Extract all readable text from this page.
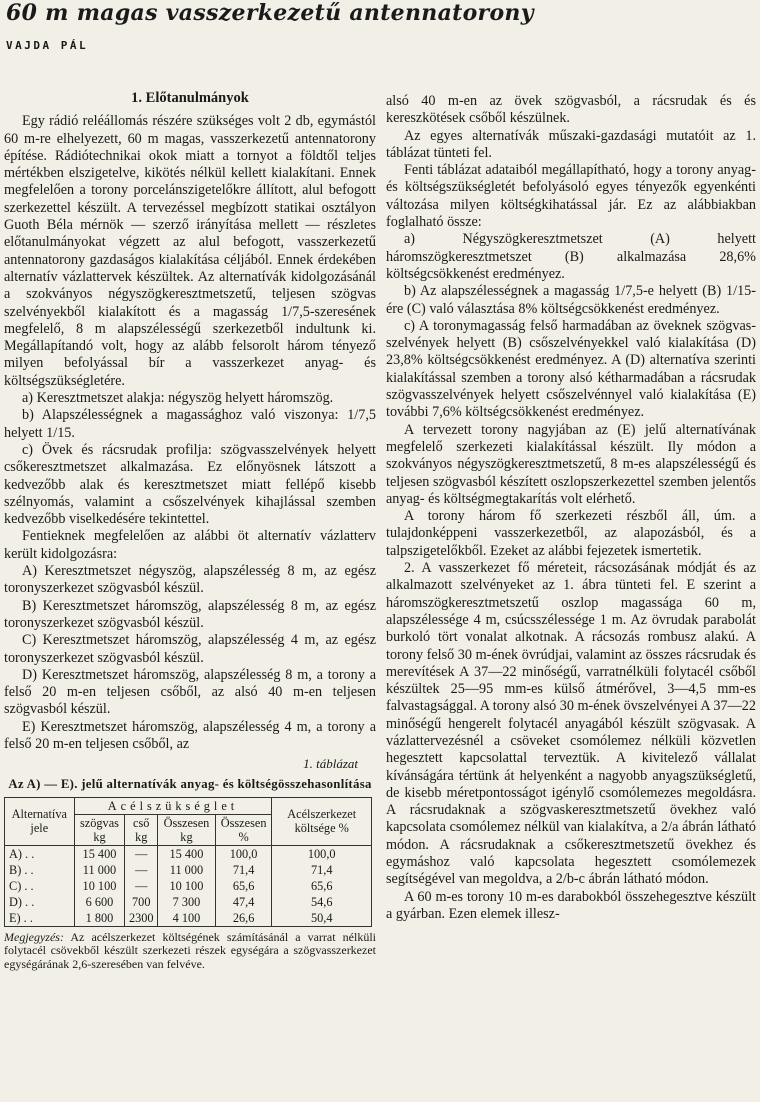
60 m magas vasszerkezetű antennatorony
VAJDA PÁL
1. Előtanulmányok

Egy rádió reléállomás részére szükséges volt 2 db, egymástól 60 m-re elhelyezett, 60 m magas, vasszerkezetű antennatorony építése. Rádiótechnikai okok miatt a tornyot a földtől teljes mértékben elszigetelve, kikötés nélkül kellett kialakítani. Ennek megfelelően a torony porcelánszigetelőkre állított, alul befogott szerkezettel készült. A tervezéssel megbízott statikai osztályon Guoth Béla mérnök — szerző irányítása mellett — részletes előtanulmányokat végzett az alul befogott, vasszerkezetű antennatorony gazdaságos kialakítása céljából. Ennek érdekében alternatív vázlattervek készültek. Az alternatívák kidolgozásánál a szokványos négyszögkeresztmetszetű, teljesen szögvas szelvényekből kialakított és a magasság 1/7,5-szeresének megfelelő, 8 m alapszélességű szerkezetből indultunk ki. Megállapítandó volt, hogy az alább felsorolt három tényező milyen befolyással bír a vasszerkezet anyag- és költségszükségletére.

a) Keresztmetszet alakja: négyszög helyett háromszög.

b) Alapszélességnek a magassághoz való viszonya: 1/7,5 helyett 1/15.

c) Övek és rácsrudak profilja: szögvasszelvények helyett csőkeresztmetszet alkalmazása. Ez előnyösnek látszott a kedvezőbb alak és keresztmetszet miatt fellépő kisebb szélnyomás, valamint a csőszelvények kihajlással szemben kedvezőbb viselkedésére tekintettel.

Fentieknek megfelelően az alábbi öt alternatív vázlatterv került kidolgozásra:

A) Keresztmetszet négyszög, alapszélesség 8 m, az egész toronyszerkezet szögvasból készül.

B) Keresztmetszet háromszög, alapszélesség 8 m, az egész toronyszerkezet szögvasból készül.

C) Keresztmetszet háromszög, alapszélesség 4 m, az egész toronyszerkezet szögvasból készül.

D) Keresztmetszet háromszög, alapszélesség 8 m, a torony a felső 20 m-en teljesen csőből, az alsó 40 m-en teljesen szögvasból készül.

E) Keresztmetszet háromszög, alapszélesség 4 m, a torony a felső 20 m-en teljesen csőből, az

1. táblázat
Az A) — E). jelű alternatívák anyag- és költségösszehasonlítása
Alternatíva jele	Acélszükséglet				Acélszerkezet költsége %
	szögvas kg	cső kg	Összesen kg	Összesen %	
A) . .	15 400	—	15 400	100,0	100,0
B) . .	11 000	—	11 000	71,4	71,4
C) . .	10 100	—	10 100	65,6	65,6
D) . .	6 600	700	7 300	47,4	54,6
E) . .	1 800	2300	4 100	26,6	50,4
Megjegyzés: Az acélszerkezet költségének számításánál a varrat nélküli folytacél csövekből készült szerkezeti részek egységára a szögvasszerkezet egységárának 2,6-szeresében van felvéve.

alsó 40 m-en az övek szögvasból, a rácsrudak és és kereszkötések csőből készülnek.

Az egyes alternatívák műszaki-gazdasági mutatóit az 1. táblázat tünteti fel.

Fenti táblázat adataiból megállapítható, hogy a torony anyag- és költségszükségletét befolyásoló egyes tényezők egyenkénti változása milyen költségkihatással jár. Ez az alábbiakban foglalható össze:

a) Négyszögkeresztmetszet (A) helyett háromszögkeresztmetszet (B) alkalmazása 28,6% költségcsökkenést eredményez.

b) Az alapszélességnek a magasság 1/7,5-e helyett (B) 1/15-ére (C) való választása 8% költségcsökkenést eredményez.

c) A toronymagasság felső harmadában az öveknek szögvas-szelvények helyett (B) csőszelvényekkel való kialakítása (D) 23,8% költségcsökkenést eredményez. A (D) alternatíva szerinti kialakítással szemben a torony alsó kétharmadában a rácsrudak szögvasszelvények helyett csőszelvénnyel való kialakítása (E) további 7,6% költségcsökkenést eredményez.

A tervezett torony nagyjában az (E) jelű alternatívának megfelelő szerkezeti kialakítással készült. Ily módon a szokványos négyszögkeresztmetszetű, 8 m-es alapszélességű és teljesen szögvasból készített oszlopszerkezettel szemben jelentős anyag- és költségmegtakarítás volt elérhető.

A torony három fő szerkezeti részből áll, úm. a tulajdonképpeni vasszerkezetből, az alapozásból, és a talpszigetelőkből. Ezeket az alábbi fejezetek ismertetik.

2. A vasszerkezet fő méreteit, rácsozásának módját és az alkalmazott szelvényeket az 1. ábra tünteti fel. E szerint a háromszögkeresztmetszetű oszlop magassága 60 m, alapszélessége 4 m, csúcsszélessége 1 m. Az övrudak parabolát burkoló tört vonalat alkotnak. A rácsozás rombusz alakú. A torony felső 30 m-ének övrúdjai, valamint az összes rácsrudak és merevítések A 37—22 minőségű, varratnélküli folytacél csőből készültek 25—95 mm-es külső átmérővel, 3—4,5 mm-es falvastagsággal. A torony alsó 30 m-ének övszelvényei A 37—22 minőségű hengerelt folytacél anyagából készült szögvasak. A vázlattervezésnél a csöveket csomólemez nélküli közvetlen hegesztett kapcsolattal terveztük. A kivitelező vállalat kívánságára tértünk át helyenként a nagyobb anyagszükségletű, de kisebb méretpontosságot igénylő csomólemezes megoldásra. A rácsrudaknak a szögvaskeresztmetszetű övekhez való kapcsolata csomólemez nélkül van kialakítva, a 2/a ábrán látható módon. A rácsrudaknak a csőkeresztmetszetű övekhez és egymáshoz való kapcsolata hegesztett csomólemezek segítségével van megoldva, a 2/b-c ábrán látható módon.

A 60 m-es torony 10 m-es darabokból összehegesztve készült a gyárban. Ezen elemek illesz-
